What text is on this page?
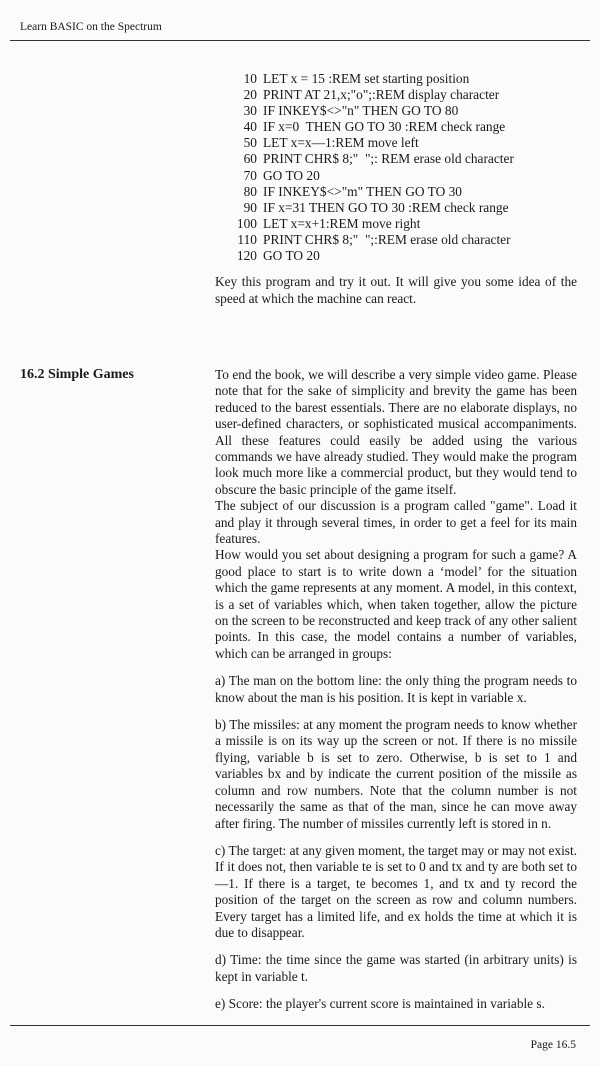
Learn BASIC on the Spectrum
10 LET x = 15 :REM set starting position
20 PRINT AT 21,x;"o";:REM display character
30 IF INKEY$<>"n" THEN GO TO 80
40 IF x=0  THEN GO TO 30 :REM check range
50 LET x=x—1:REM move left
60 PRINT CHR$ 8;"  ";: REM erase old character
70 GO TO 20
80 IF INKEY$<>"m" THEN GO TO 30
90 IF x=31 THEN GO TO 30 :REM check range
100 LET x=x+1:REM move right
110 PRINT CHR$ 8;"  ";:REM erase old character
120 GO TO 20

Key this program and try it out. It will give you some idea of the speed at which the machine can react.

16.2 Simple Games	To end the book, we will describe a very simple video game. Please note that for the sake of simplicity and brevity the game has been reduced to the barest essentials. There are no elaborate displays, no user-defined characters, or sophisticated musical accompaniments. All these features could easily be added using the various commands we have already studied. They would make the program look much more like a commercial product, but they would tend to obscure the basic principle of the game itself.

The subject of our discussion is a program called "game". Load it and play it through several times, in order to get a feel for its main features.

How would you set about designing a program for such a game? A good place to start is to write down a ‘model’ for the situation which the game represents at any moment. A model, in this context, is a set of variables which, when taken together, allow the picture on the screen to be reconstructed and keep track of any other salient points. In this case, the model contains a number of variables, which can be arranged in groups:

a) The man on the bottom line: the only thing the program needs to know about the man is his position. It is kept in variable x.
b) The missiles: at any moment the program needs to know whether a missile is on its way up the screen or not. If there is no missile flying, variable b is set to zero. Otherwise, b is set to 1 and variables bx and by indicate the current position of the missile as column and row numbers. Note that the column number is not necessarily the same as that of the man, since he can move away after firing. The number of missiles currently left is stored in n.
c) The target: at any given moment, the target may or may not exist. If it does not, then variable te is set to 0 and tx and ty are both set to —1. If there is a target, te becomes 1, and tx and ty record the position of the target on the screen as row and column numbers. Every target has a limited life, and ex holds the time at which it is due to disappear.
d) Time: the time since the game was started (in arbitrary units) is kept in variable t.
e) Score: the player's current score is maintained in variable s.
Page 16.5
